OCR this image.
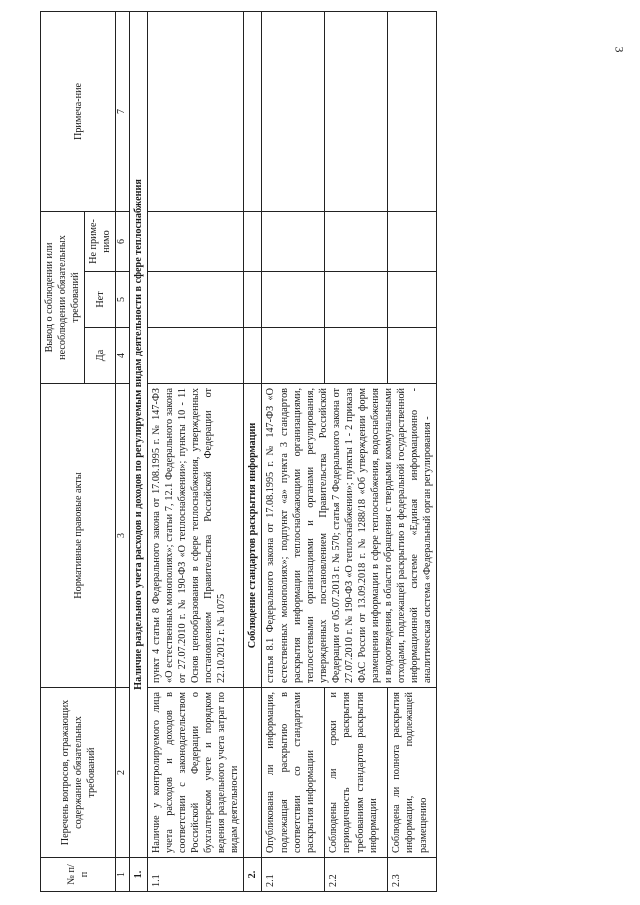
3
№ п/п	Перечень вопросов, отражающих содержание обязательных требований	Нормативные правовые акты	Вывод о соблюдении или несоблюдении обязательных требований			Примеча-ние
			Да	Нет	Не приме-нимо	
1	2	3	4	5	6	7
1.	Наличие раздельного учета расходов и доходов по регулируемым видам деятельности в сфере теплоснабжения					
1.1	Наличие у контролируемого лица учета расходов и доходов в соответствии с законодательством Российской Федерации о бухгалтерском учете и порядком ведения раздельного учета затрат по видам деятельности	пункт 4 статьи 8 Федерального закона от 17.08.1995 г. № 147-ФЗ «О естественных монополиях»; статьи 7, 12.1 Федерального закона от 27.07.2010 г. № 190-ФЗ «О теплоснабжении»; пункты 10 - 11 Основ ценообразования в сфере теплоснабжения, утвержденных постановлением Правительства Российской Федерации от 22.10.2012 г. № 1075				
2.		Соблюдение стандартов раскрытия информации				
2.1	Опубликована ли информация, подлежащая раскрытию в соответствии со стандартами раскрытия информации	статья 8.1 Федерального закона от 17.08.1995 г. № 147-ФЗ «О естественных монополиях»; подпункт «а» пункта 3 стандартов раскрытия информации теплоснабжающими организациями, теплосетевыми организациями и органами регулирования, утвержденных постановлением Правительства Российской Федерации от 05.07.2013 г. № 570; статья 7 Федерального закона от 27.07.2010 г. № 190-ФЗ «О теплоснабжении»; пункты 1 - 2 приказа ФАС России от 13.09.2018 г. № 1288/18 «Об утверждении форм размещения информации в сфере теплоснабжения, водоснабжения и водоотведения, в области обращения с твердыми коммунальными отходами, подлежащей раскрытию в федеральной государственной информационной системе «Единая информационно - аналитическая система «Федеральный орган регулирования -				
2.2	Соблюдены ли сроки и периодичность раскрытия требованиям стандартов раскрытия информации					
2.3	Соблюдена ли полнота раскрытия информации, подлежащей размещению					
